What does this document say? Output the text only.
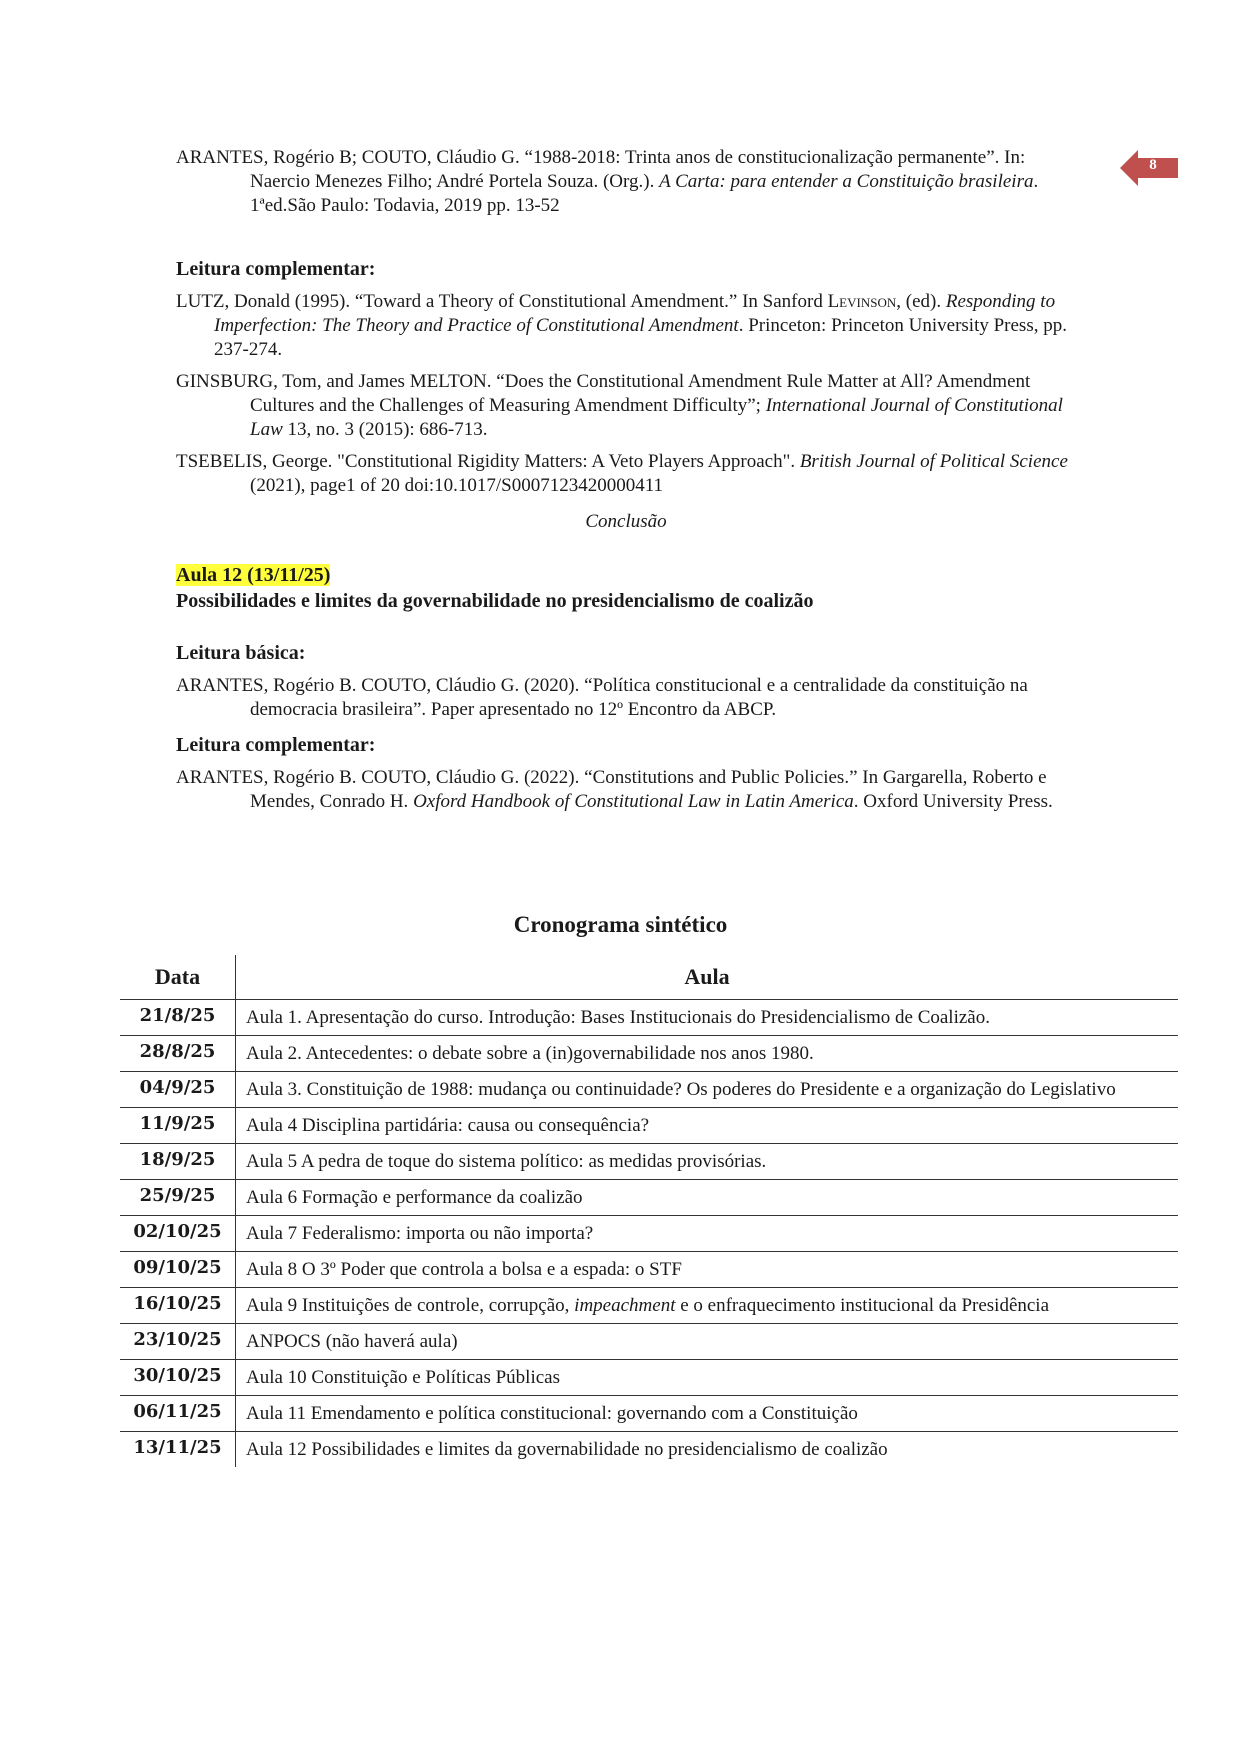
8

ARANTES, Rogério B; COUTO, Cláudio G. “1988-2018: Trinta anos de constitucionalização permanente”. In: Naercio Menezes Filho; André Portela Souza. (Org.). A Carta: para entender a Constituição brasileira. 1ªed.São Paulo: Todavia, 2019 pp. 13-52

Leitura complementar:

LUTZ, Donald (1995). “Toward a Theory of Constitutional Amendment.” In Sanford Levinson, (ed). Responding to Imperfection: The Theory and Practice of Constitutional Amendment. Princeton: Princeton University Press, pp. 237-274.

GINSBURG, Tom, and James MELTON. “Does the Constitutional Amendment Rule Matter at All? Amendment Cultures and the Challenges of Measuring Amendment Difficulty”; International Journal of Constitutional Law 13, no. 3 (2015): 686-713.

TSEBELIS, George. "Constitutional Rigidity Matters: A Veto Players Approach". British Journal of Political Science (2021), page1 of 20 doi:10.1017/S0007123420000411

Conclusão

Aula 12 (13/11/25)

Possibilidades e limites da governabilidade no presidencialismo de coalizão

Leitura básica:

ARANTES, Rogério B. COUTO, Cláudio G. (2020). “Política constitucional e a centralidade da constituição na democracia brasileira”. Paper apresentado no 12º Encontro da ABCP.

Leitura complementar:

ARANTES, Rogério B. COUTO, Cláudio G. (2022). “Constitutions and Public Policies.” In Gargarella, Roberto e Mendes, Conrado H. Oxford Handbook of Constitutional Law in Latin America. Oxford University Press.

Cronograma sintético
Data	Aula
21/8/25	Aula 1. Apresentação do curso. Introdução: Bases Institucionais do Presidencialismo de Coalizão.
28/8/25	Aula 2. Antecedentes: o debate sobre a (in)governabilidade nos anos 1980.
04/9/25	Aula 3. Constituição de 1988: mudança ou continuidade? Os poderes do Presidente e a organização do Legislativo
11/9/25	Aula 4 Disciplina partidária: causa ou consequência?
18/9/25	Aula 5 A pedra de toque do sistema político: as medidas provisórias.
25/9/25	Aula 6 Formação e performance da coalizão
02/10/25	Aula 7 Federalismo: importa ou não importa?
09/10/25	Aula 8 O 3º Poder que controla a bolsa e a espada: o STF
16/10/25	Aula 9 Instituições de controle, corrupção, impeachment e o enfraquecimento institucional da Presidência
23/10/25	ANPOCS (não haverá aula)
30/10/25	Aula 10 Constituição e Políticas Públicas
06/11/25	Aula 11 Emendamento e política constitucional: governando com a Constituição
13/11/25	Aula 12 Possibilidades e limites da governabilidade no presidencialismo de coalizão
